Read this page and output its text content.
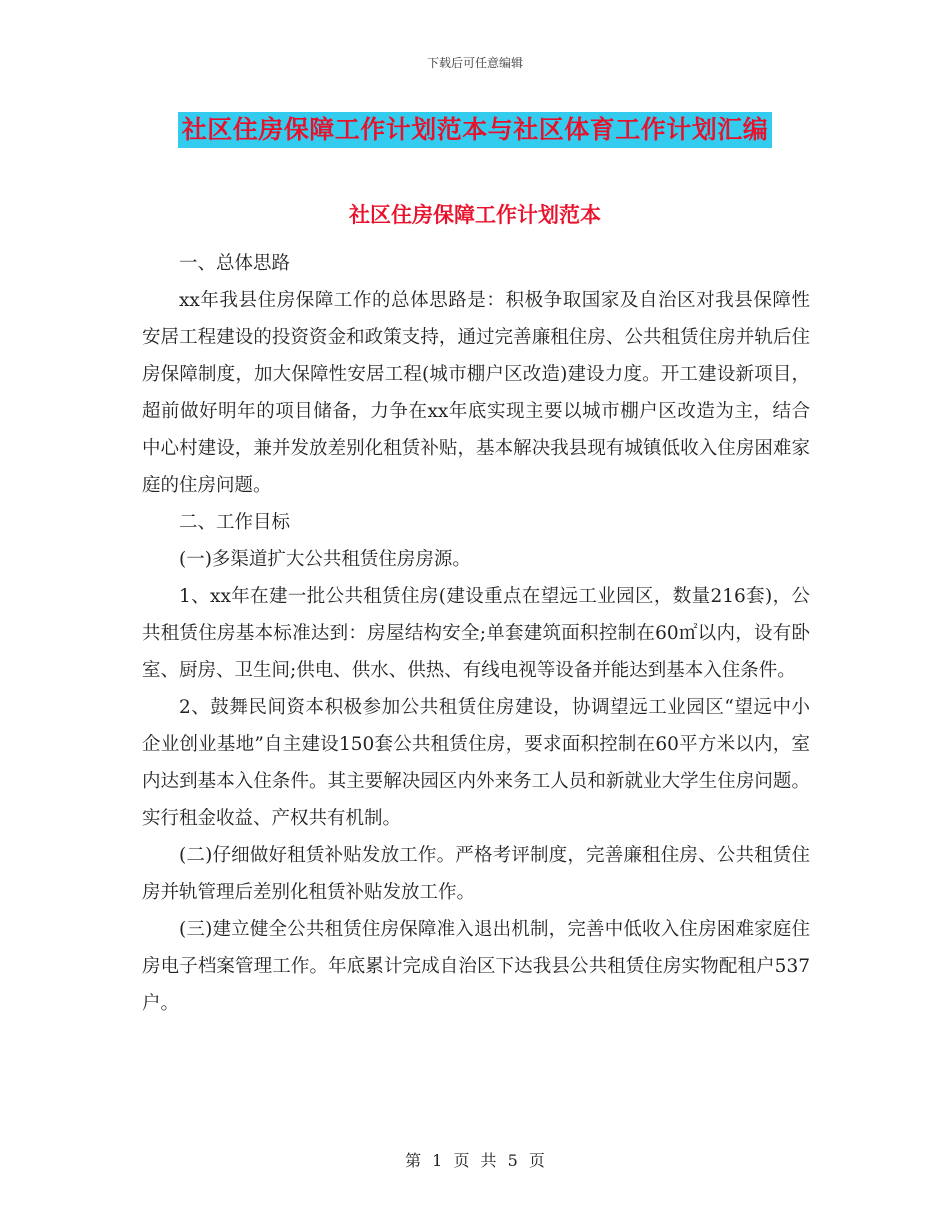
下载后可任意编辑
社区住房保障工作计划范本与社区体育工作计划汇编
社区住房保障工作计划范本

一、总体思路

xx年我县住房保障工作的总体思路是：积极争取国家及自治区对我县保障性安居工程建设的投资资金和政策支持，通过完善廉租住房、公共租赁住房并轨后住房保障制度，加大保障性安居工程(城市棚户区改造)建设力度。开工建设新项目，超前做好明年的项目储备，力争在xx年底实现主要以城市棚户区改造为主，结合中心村建设，兼并发放差别化租赁补贴，基本解决我县现有城镇低收入住房困难家庭的住房问题。

二、工作目标

(一)多渠道扩大公共租赁住房房源。

1、xx年在建一批公共租赁住房(建设重点在望远工业园区，数量216套)，公共租赁住房基本标准达到：房屋结构安全;单套建筑面积控制在60㎡以内，设有卧室、厨房、卫生间;供电、供水、供热、有线电视等设备并能达到基本入住条件。

2、鼓舞民间资本积极参加公共租赁住房建设，协调望远工业园区“望远中小企业创业基地”自主建设150套公共租赁住房，要求面积控制在60平方米以内，室内达到基本入住条件。其主要解决园区内外来务工人员和新就业大学生住房问题。实行租金收益、产权共有机制。

(二)仔细做好租赁补贴发放工作。严格考评制度，完善廉租住房、公共租赁住房并轨管理后差别化租赁补贴发放工作。

(三)建立健全公共租赁住房保障准入退出机制，完善中低收入住房困难家庭住房电子档案管理工作。年底累计完成自治区下达我县公共租赁住房实物配租户537户。

第 1 页 共 5 页
